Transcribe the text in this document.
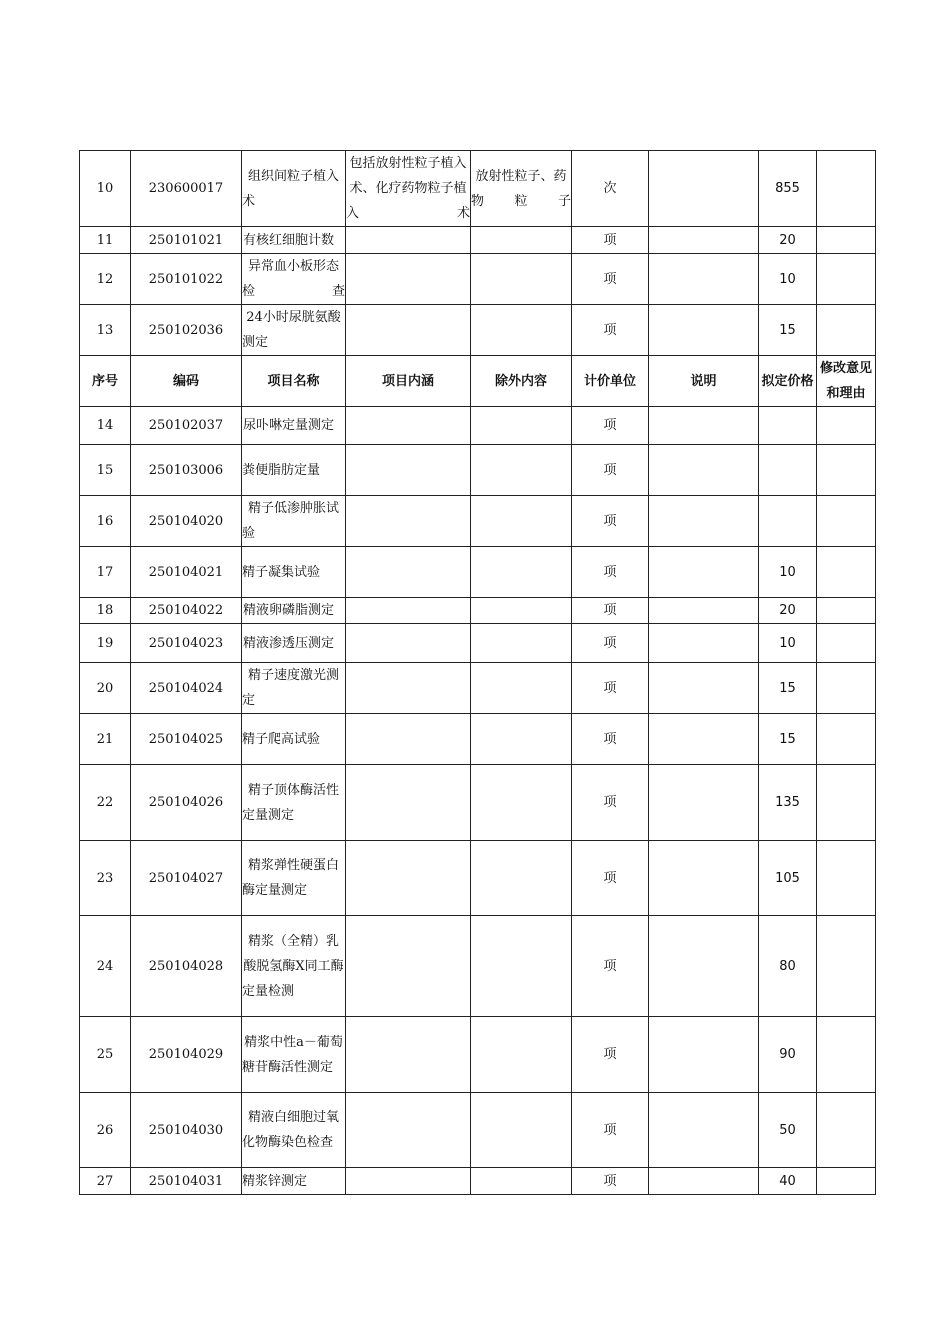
10	230600017	组织间粒子植入术	包括放射性粒子植入术、化疗药物粒子植入术	放射性粒子、药物粒子	次		855	
11	250101021	有核红细胞计数			项		20	
12	250101022	异常血小板形态检查			项		10	
13	250102036	24小时尿胱氨酸测定			项		15	
序号	编码	项目名称	项目内涵	除外内容	计价单位	说明	拟定价格	修改意见和理由
14	250102037	尿卟啉定量测定			项			
15	250103006	粪便脂肪定量			项			
16	250104020	精子低渗肿胀试验			项			
17	250104021	精子凝集试验			项		10	
18	250104022	精液卵磷脂测定			项		20	
19	250104023	精液渗透压测定			项		10	
20	250104024	精子速度激光测定			项		15	
21	250104025	精子爬高试验			项		15	
22	250104026	精子顶体酶活性定量测定			项		135	
23	250104027	精浆弹性硬蛋白酶定量测定			项		105	
24	250104028	精浆（全精）乳酸脱氢酶X同工酶定量检测			项		80	
25	250104029	精浆中性a－葡萄糖苷酶活性测定			项		90	
26	250104030	精液白细胞过氧化物酶染色检查			项		50	
27	250104031	精浆锌测定			项		40	
